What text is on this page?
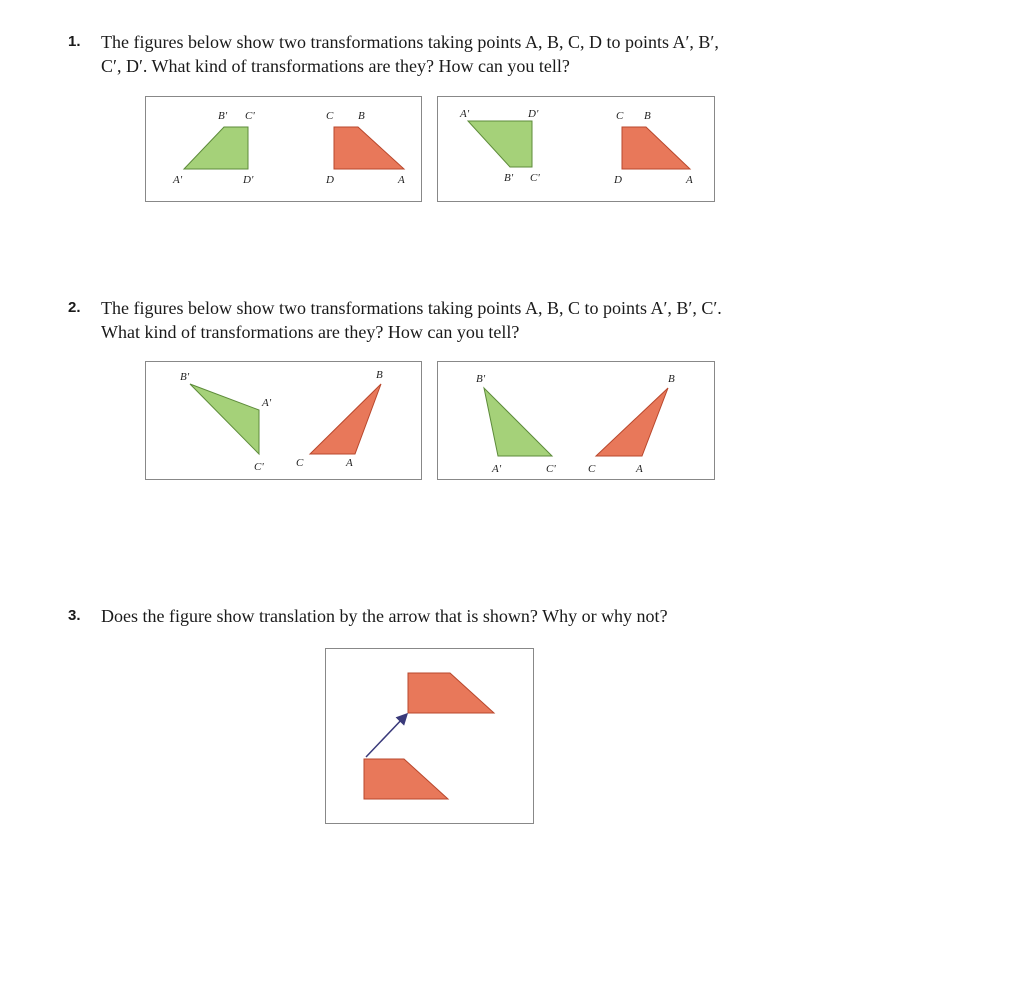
1. The figures below show two transformations taking points A, B, C, D to points A′, B′,
C′, D′. What kind of transformations are they? How can you tell?
B' C'
A'	D'
C B
D	A
A'	D'
B' C'
C B
D	A
2. The figures below show two transformations taking points A, B, C to points A′, B′, C′.
What kind of transformations are they? How can you tell?
B'
A'
C'
B
C	A
B'
A'	C'
B
C	A
3. Does the figure show translation by the arrow that is shown? Why or why not?
